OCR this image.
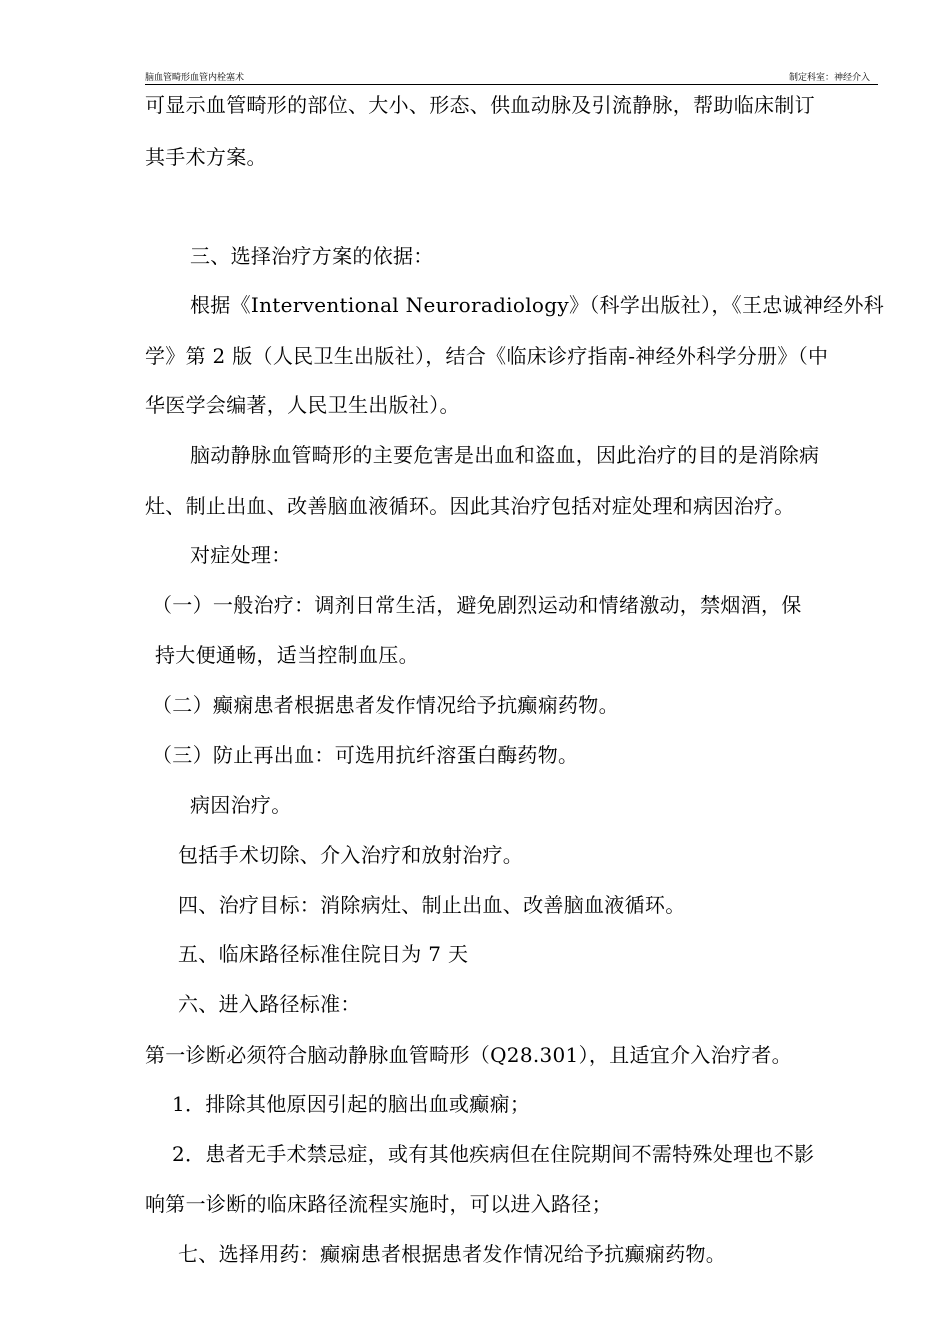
脑血管畸形血管内栓塞术	制定科室：神经介入
可显示血管畸形的部位、大小、形态、供血动脉及引流静脉，帮助临床制订
其手术方案。
三、选择治疗方案的依据：
根据《Interventional Neuroradiology》（科学出版社），《王忠诚神经外科
学》第 2 版（人民卫生出版社），结合《临床诊疗指南-神经外科学分册》（中
华医学会编著，人民卫生出版社）。
脑动静脉血管畸形的主要危害是出血和盗血，因此治疗的目的是消除病
灶、制止出血、改善脑血液循环。因此其治疗包括对症处理和病因治疗。
对症处理：
（一）一般治疗：调剂日常生活，避免剧烈运动和情绪激动，禁烟酒，保
持大便通畅，适当控制血压。
（二）癫痫患者根据患者发作情况给予抗癫痫药物。
（三）防止再出血：可选用抗纤溶蛋白酶药物。
病因治疗。
包括手术切除、介入治疗和放射治疗。
四、治疗目标：消除病灶、制止出血、改善脑血液循环。
五、临床路径标准住院日为 7 天
六、进入路径标准：
第一诊断必须符合脑动静脉血管畸形（Q28.301），且适宜介入治疗者。
1．排除其他原因引起的脑出血或癫痫；
2．患者无手术禁忌症，或有其他疾病但在住院期间不需特殊处理也不影
响第一诊断的临床路径流程实施时，可以进入路径；
七、选择用药：癫痫患者根据患者发作情况给予抗癫痫药物。
